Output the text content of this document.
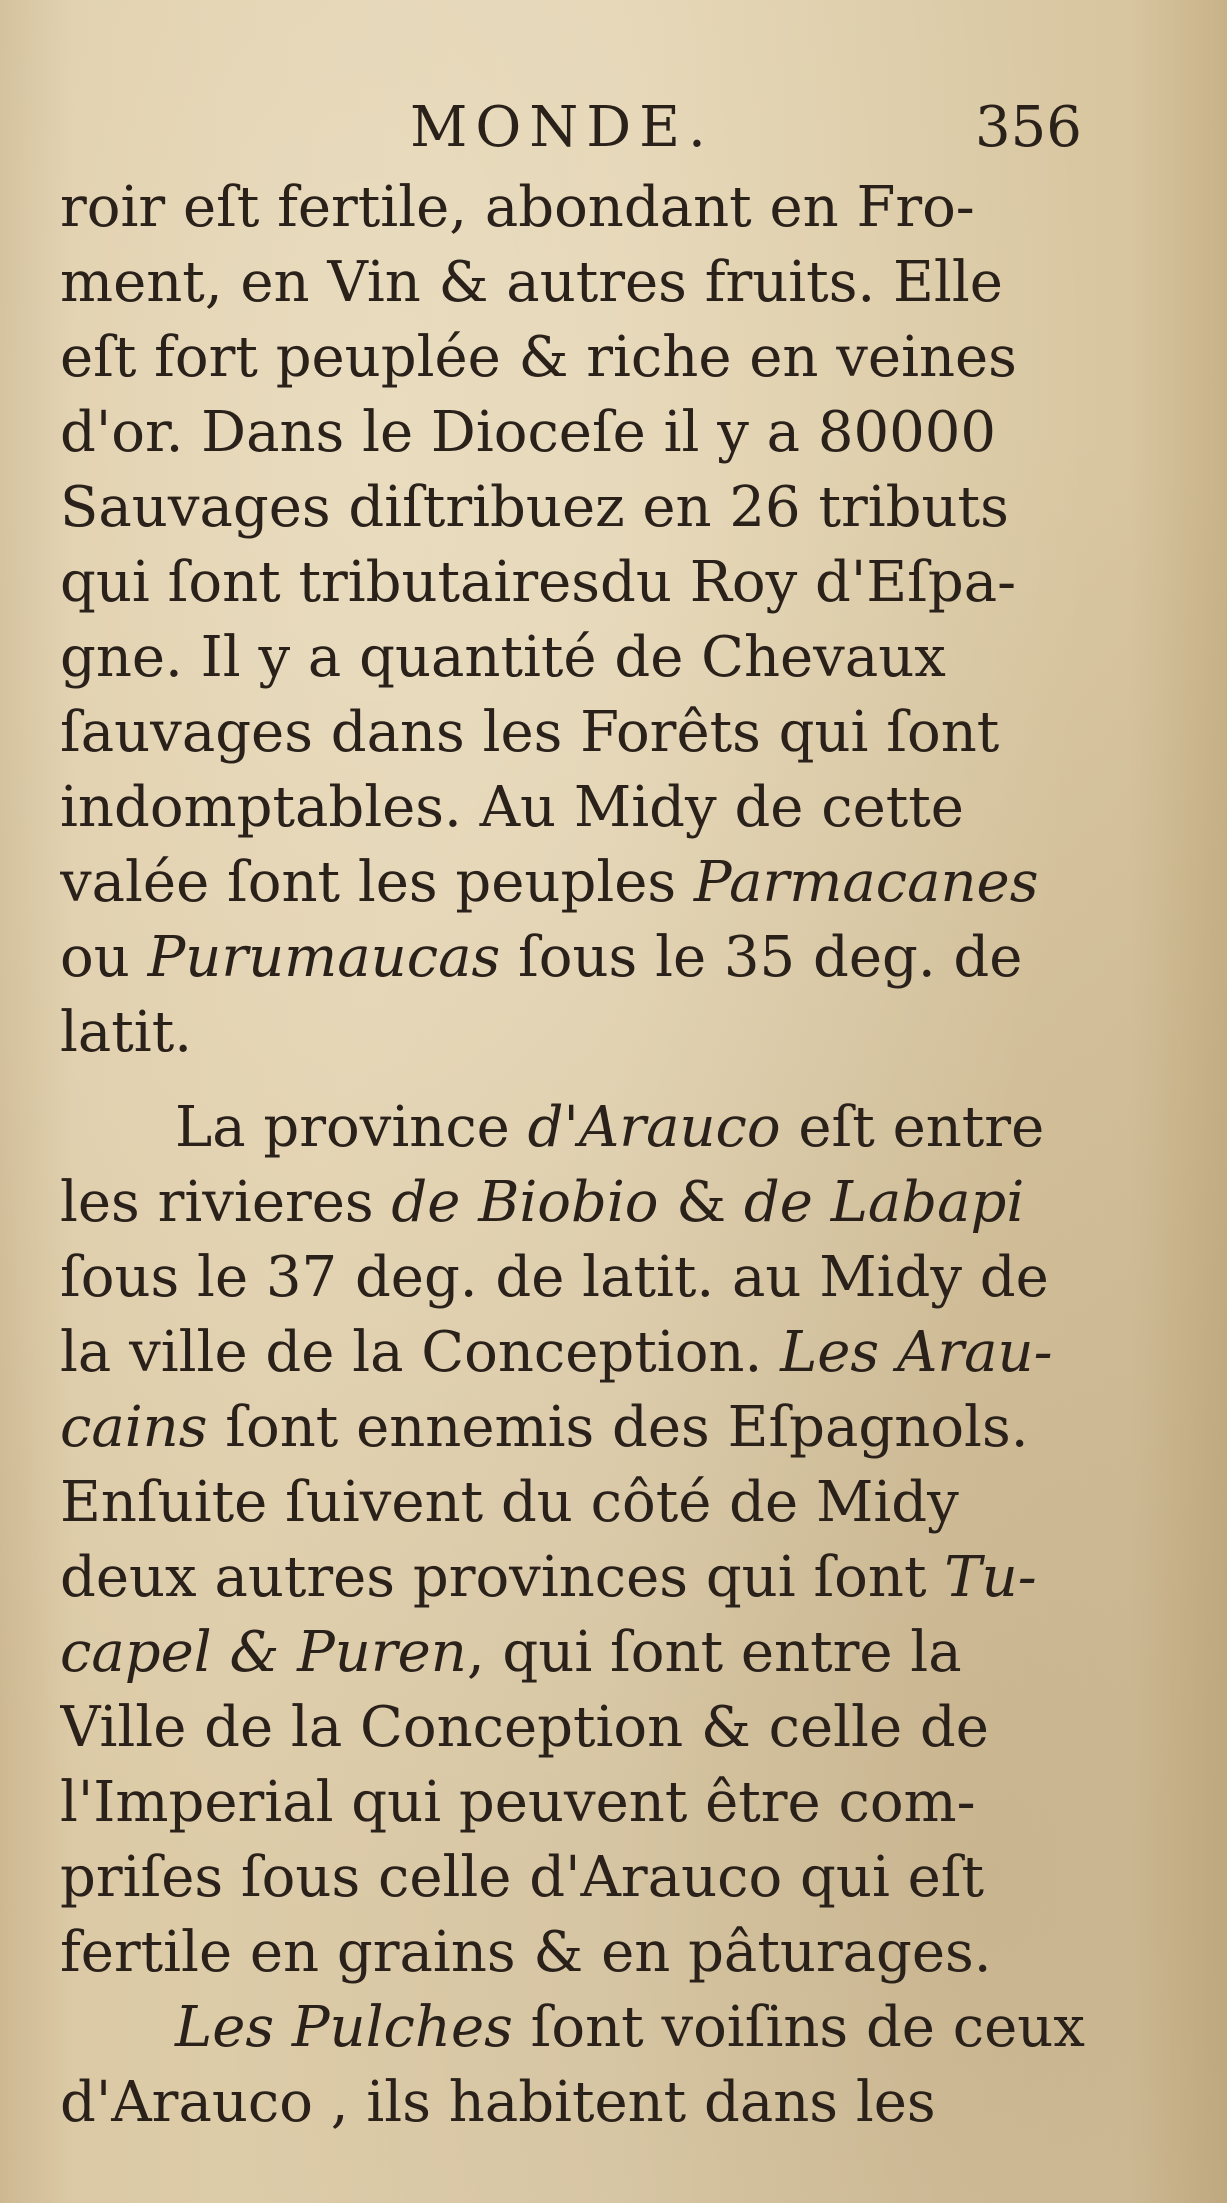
MONDE.	356
roir eſt fertile, abondant en Fro-
ment, en Vin & autres fruits. Elle
eſt fort peuplée & riche en veines
d'or. Dans le Dioceſe il y a 80000
Sauvages diſtribuez en 26 tributs
qui ſont tributairesdu Roy d'Eſpa-
gne. Il y a quantité de Chevaux
ſauvages dans les Forêts qui ſont
indomptables. Au Midy de cette
valée ſont les peuples Parmacanes
ou Purumaucas ſous le 35 deg. de
latit.
La province d'Arauco eſt entre
les rivieres de Biobio & de Labapi
ſous le 37 deg. de latit. au Midy de
la ville de la Conception. Les Arau-
cains ſont ennemis des Eſpagnols.
Enſuite ſuivent du côté de Midy
deux autres provinces qui ſont Tu-
capel & Puren, qui ſont entre la
Ville de la Conception & celle de
l'Imperial qui peuvent être com-
priſes ſous celle d'Arauco qui eſt
fertile en grains & en pâturages.
Les Pulches ſont voiſins de ceux
d'Arauco , ils habitent dans les
